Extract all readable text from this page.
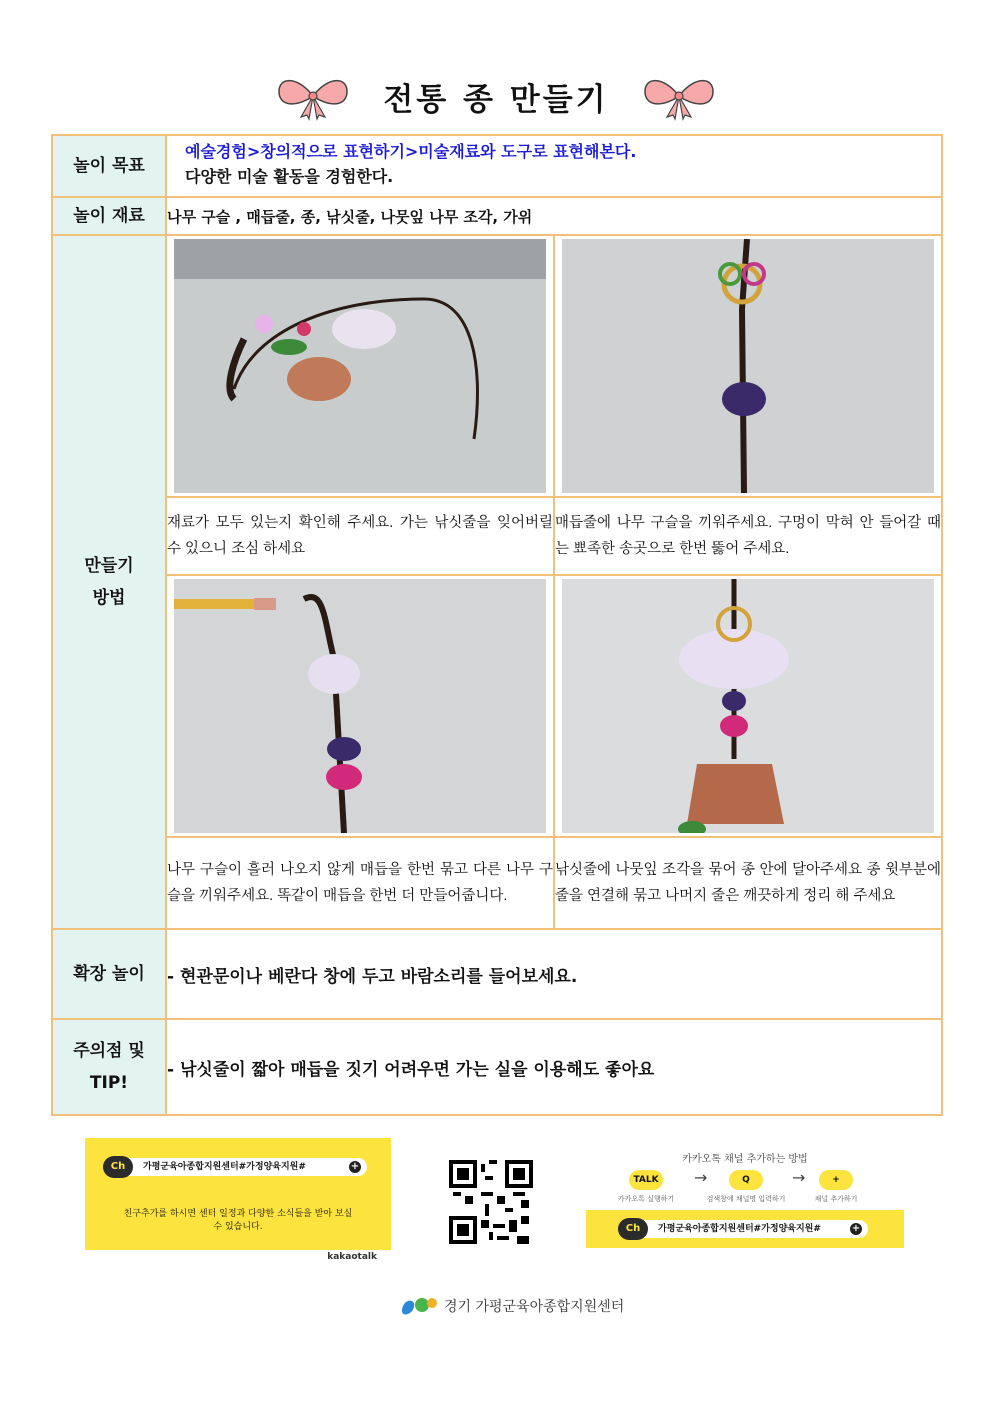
전통 종 만들기
놀이 목표	예술경험>창의적으로 표현하기>미술재료와 도구로 표현해본다.
다양한 미술 활동을 경험한다.	

놀이 재료	나무 구슬 , 매듭줄, 종, 낚싯줄, 나뭇잎 나무 조각, 가위	

만들기
방법

	재료가 모두 있는지 확인해 주세요. 가는 낚싯줄을 잊어버릴 수 있으니 조심 하세요	매듭줄에 나무 구슬을 끼워주세요. 구멍이 막혀 안 들어갈 때는 뾰족한 송곳으로 한번 뚫어 주세요.

	나무 구슬이 흘러 나오지 않게 매듭을 한번 묶고 다른 나무 구슬을 끼워주세요. 똑같이 매듭을 한번 더 만들어줍니다.	낚싯줄에 나뭇잎 조각을 묶어 종 안에 달아주세요 종 윗부분에 줄을 연결해 묶고 나머지 줄은 깨끗하게 정리 해 주세요
확장 놀이	- 현관문이나 베란다 창에 두고 바람소리를 들어보세요.	

주의점 및
TIP!	- 낚싯줄이 짧아 매듭을 짓기 어려우면 가는 실을 이용해도 좋아요	
Ch	가평군육아종합지원센터#가정양육지원#	+
친구추가를 하시면 센터 일정과 다양한 소식들을 받아 보실
수 있습니다.
kakaotalk
카카오톡 채널 추가하는 방법
TALK
카카오톡 실행하기
→	Q
검색창에 채널명 입력하기
→	+
채널 추가하기
Ch	가평군육아종합지원센터#가정양육지원#	+
경기 가평군육아종합지원센터
